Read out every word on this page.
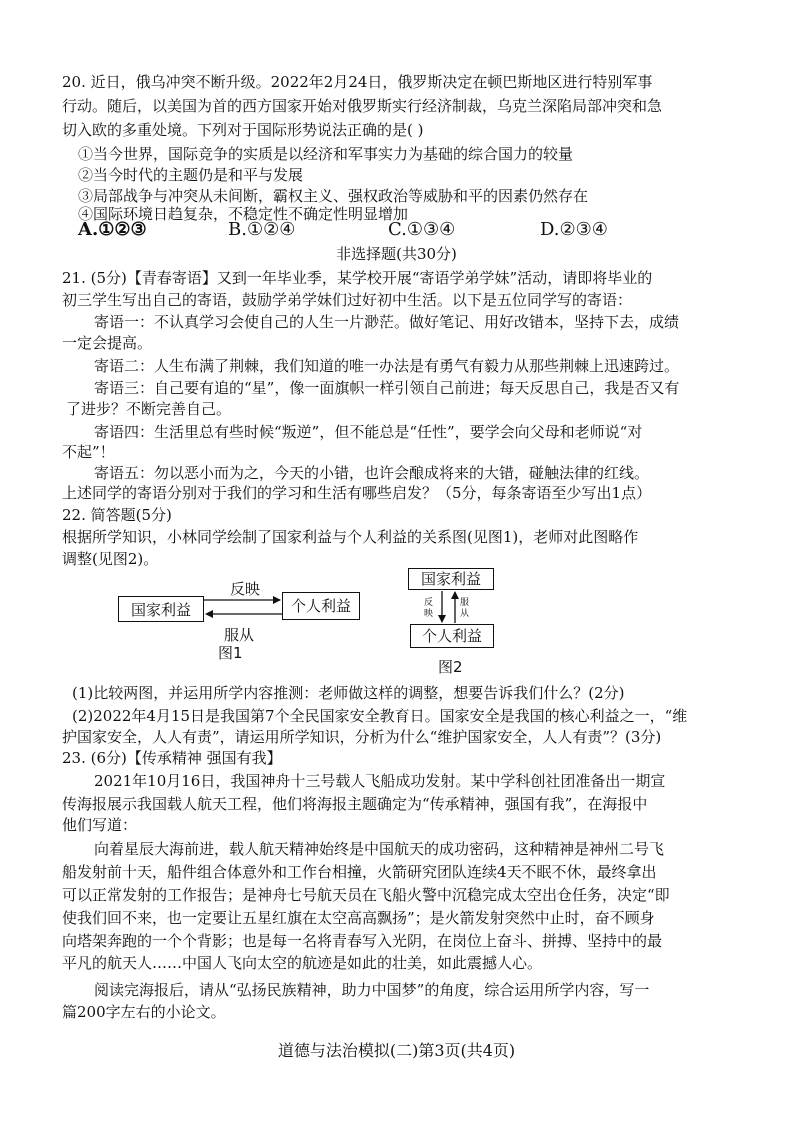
20. 近日，俄乌冲突不断升级。2022年2月24日，俄罗斯决定在顿巴斯地区进行特别军事
行动。随后，以美国为首的西方国家开始对俄罗斯实行经济制裁，乌克兰深陷局部冲突和急
切入欧的多重处境。下列对于国际形势说法正确的是( )
①当今世界，国际竞争的实质是以经济和军事实力为基础的综合国力的较量
②当今时代的主题仍是和平与发展
③局部战争与冲突从未间断，霸权主义、强权政治等威胁和平的因素仍然存在
④国际环境日趋复杂，不稳定性不确定性明显增加
A.①②③	B.①②④	C.①③④	D.②③④
非选择题(共30分)
21. (5分)【青春寄语】又到一年毕业季，某学校开展“寄语学弟学妹”活动，请即将毕业的
初三学生写出自己的寄语，鼓励学弟学妹们过好初中生活。以下是五位同学写的寄语：
寄语一：不认真学习会使自己的人生一片渺茫。做好笔记、用好改错本，坚持下去，成绩
一定会提高。
寄语二：人生布满了荆棘，我们知道的唯一办法是有勇气有毅力从那些荆棘上迅速跨过。
寄语三：自己要有追的“星”，像一面旗帜一样引领自己前进；每天反思自己，我是否又有
了进步？不断完善自己。
寄语四：生活里总有些时候“叛逆”，但不能总是“任性”，要学会向父母和老师说“对
不起”！
寄语五：勿以恶小而为之，今天的小错，也许会酿成将来的大错，碰触法律的红线。
上述同学的寄语分别对于我们的学习和生活有哪些启发？（5分，每条寄语至少写出1点）
22. 简答题(5分)
根据所学知识，小林同学绘制了国家利益与个人利益的关系图(见图1)，老师对此图略作
调整(见图2)。
国家利益	个人利益
反映
服从
图1
国家利益
个人利益
反映
服从
图2
(1)比较两图，并运用所学内容推测：老师做这样的调整，想要告诉我们什么？(2分)
(2)2022年4月15日是我国第7个全民国家安全教育日。国家安全是我国的核心利益之一，“维
护国家安全，人人有责”，请运用所学知识，分析为什么“维护国家安全，人人有责”？(3分)
23. (6分)【传承精神 强国有我】
2021年10月16日，我国神舟十三号载人飞船成功发射。某中学科创社团准备出一期宣
传海报展示我国载人航天工程，他们将海报主题确定为“传承精神，强国有我”，在海报中
他们写道：
向着星辰大海前进，载人航天精神始终是中国航天的成功密码，这种精神是神州二号飞
船发射前十天，船件组合体意外和工作台相撞，火箭研究团队连续4天不眠不休，最终拿出
可以正常发射的工作报告；是神舟七号航天员在飞船火警中沉稳完成太空出仓任务，决定“即
使我们回不来，也一定要让五星红旗在太空高高飘扬”；是火箭发射突然中止时，奋不顾身
向塔架奔跑的一个个背影；也是每一名将青春写入光阴，在岗位上奋斗、拼搏、坚持中的最
平凡的航天人……中国人飞向太空的航迹是如此的壮美，如此震撼人心。
阅读完海报后，请从“弘扬民族精神，助力中国梦”的角度，综合运用所学内容，写一
篇200字左右的小论文。
道德与法治模拟(二)第3页(共4页)
